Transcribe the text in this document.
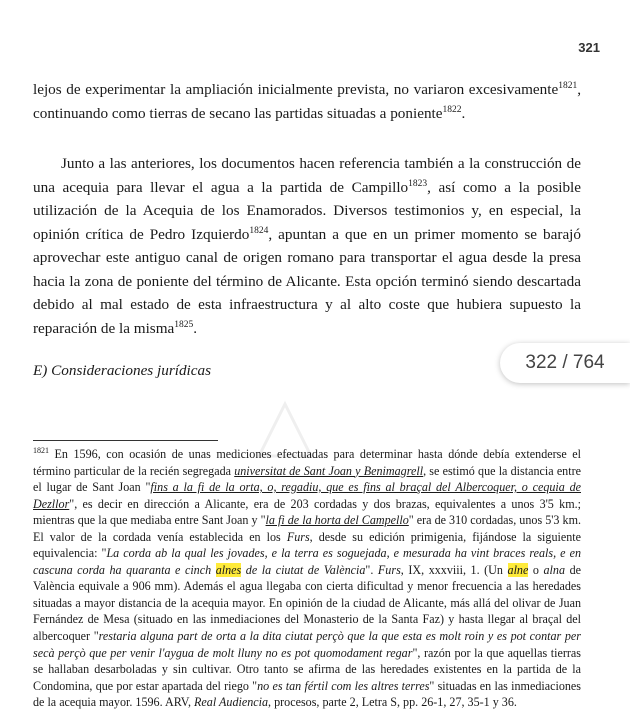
321
lejos de experimentar la ampliación inicialmente prevista, no variaron excesivamente$^{1821}$, continuando como tierras de secano las partidas situadas a poniente$^{1822}$.
Junto a las anteriores, los documentos hacen referencia también a la construcción de una acequia para llevar el agua a la partida de Campillo$^{1823}$, así como a la posible utilización de la Acequia de los Enamorados. Diversos testimonios y, en especial, la opinión crítica de Pedro Izquierdo$^{1824}$, apuntan a que en un primer momento se barajó aprovechar este antiguo canal de origen romano para transportar el agua desde la presa hacia la zona de poniente del término de Alicante. Esta opción terminó siendo descartada debido al mal estado de esta infraestructura y al alto coste que hubiera supuesto la reparación de la misma$^{1825}$.
E) Consideraciones jurídicas	322 / 764
$^{1821}$ En 1596, con ocasión de unas mediciones efectuadas para determinar hasta dónde debía extenderse el término particular de la recién segregada universitat de Sant Joan y Benimagrell, se estimó que la distancia entre el lugar de Sant Joan "fins a la fi de la orta, o, regadiu, que es fins al braçal del Albercoquer, o cequia de Dezllor", es decir en dirección a Alicante, era de 203 cordadas y dos brazas, equivalentes a unos 3'5 km.; mientras que la que mediaba entre Sant Joan y "la fi de la horta del Campello" era de 310 cordadas, unos 5'3 km. El valor de la cordada venía establecida en los Furs, desde su edición primigenia, fijándose la siguiente equivalencia: "La corda ab la qual les jovades, e la terra es soguejada, e mesurada ha vint braces reals, e en cascuna corda ha quaranta e cinch alnes de la ciutat de València". Furs, IX, xxxviii, 1. (Un alne o alna de València equivale a 906 mm). Además el agua llegaba con cierta dificultad y menor frecuencia a las heredades situadas a mayor distancia de la acequia mayor. En opinión de la ciudad de Alicante, más allá del olivar de Juan Fernández de Mesa (situado en las inmediaciones del Monasterio de la Santa Faz) y hasta llegar al braçal del albercoquer "restaria alguna part de orta a la dita ciutat perçò que la que esta es molt roin y es pot contar per secà perçò que per venir l'aygua de molt lluny no es pot quomodament regar", razón por la que aquellas tierras se hallaban desarboladas y sin cultivar. Otro tanto se afirma de las heredades existentes en la partida de la Condomina, que por estar apartada del riego "no es tan fértil com les altres terres" situadas en las inmediaciones de la acequia mayor. 1596. ARV, Real Audiencia, procesos, parte 2, Letra S, pp. 26-1, 27, 35-1 y 36.
